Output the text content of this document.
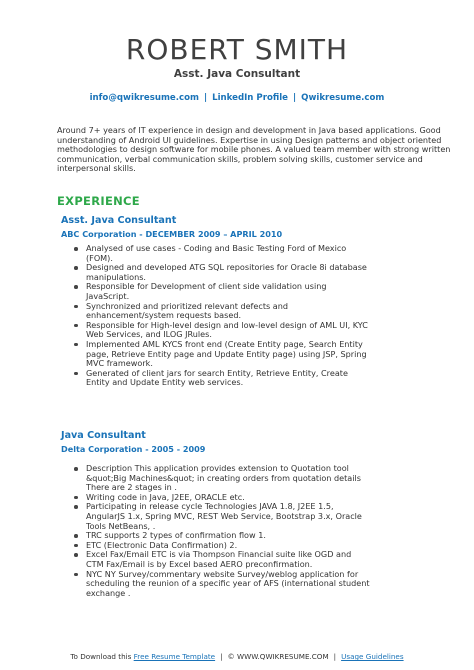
ROBERT SMITH
Asst. Java Consultant
info@qwikresume.com | LinkedIn Profile | Qwikresume.com

Around 7+ years of IT experience in design and development in Java based applications. Good understanding of Android UI guidelines. Expertise in using Design patterns and object oriented methodologies to design software for mobile phones. A valued team member with strong written communication, verbal communication skills, problem solving skills, customer service and interpersonal skills.

EXPERIENCE
Asst. Java Consultant
ABC Corporation - DECEMBER 2009 – APRIL 2010
Analysed of use cases - Coding and Basic Testing Ford of Mexico (FOM).
Designed and developed ATG SQL repositories for Oracle 8i database manipulations.
Responsible for Development of client side validation using JavaScript.
Synchronized and prioritized relevant defects and enhancement/system requests based.
Responsible for High-level design and low-level design of AML UI, KYC Web Services, and ILOG JRules.
Implemented AML KYCS front end (Create Entity page, Search Entity page, Retrieve Entity page and Update Entity page) using JSP, Spring MVC framework.
Generated of client jars for search Entity, Retrieve Entity, Create Entity and Update Entity web services.
Java Consultant
Delta Corporation - 2005 - 2009
Description This application provides extension to Quotation tool &quot;Big Machines&quot; in creating orders from quotation details There are 2 stages in .
Writing code in Java, J2EE, ORACLE etc.
Participating in release cycle Technologies JAVA 1.8, J2EE 1.5, AngularJS 1.x, Spring MVC, REST Web Service, Bootstrap 3.x, Oracle Tools NetBeans, .
TRC supports 2 types of confirmation flow 1.
ETC (Electronic Data Confirmation) 2.
Excel Fax/Email ETC is via Thompson Financial suite like OGD and CTM Fax/Email is by Excel based AERO preconfirmation.
NYC NY Survey/commentary website Survey/weblog application for scheduling the reunion of a specific year of AFS (international student exchange .
To Download this
Free Resume Template | © WWW.QWIKRESUME.COM | Usage Guidelines
